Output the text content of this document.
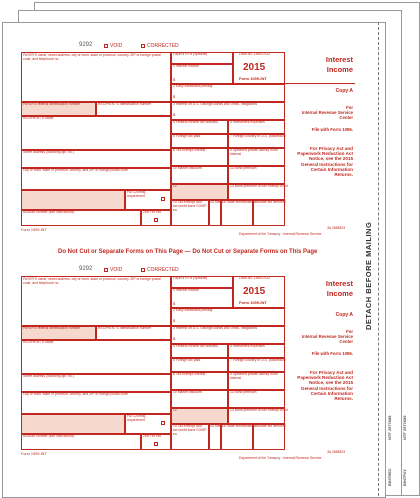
BINTPAY
BINTREC
NTF 2577689
NTF 2577688
DETACH BEFORE MAILING
Do Not Cut or Separate Forms on This Page — Do Not Cut or Separate Forms on This Page
9292	VOID	CORRECTED
PAYER'S name, street address, city or town, state or province, country, ZIP or foreign postal code, and telephone no.
PAYER'S federal identification number	RECIPIENT'S identification number
RECIPIENT'S name
Street address (including apt. no.)
City or town, state or province, country, and ZIP or foreign postal code
FATCA filing requirement
Account number (see instructions)	2nd TIN not.
Payer's RTN (optional)
1 Interest income
$
OMB No. 1545-0112
2015
Form 1099-INT
2 Early withdrawal penalty
$
3 Interest on U.S. Savings Bonds and Treas. obligations
$
4 Federal income tax withheld	5 Investment expenses
6 Foreign tax paid	7 Foreign country or U.S. possession
8 Tax-exempt interest	9 Specified private activity bond interest
10 Market discount	11 Bond premium
12	13 Bond premium on tax-exempt bond
14 Tax-exempt and tax credit bond CUSIP no.
15 State 16 State identification no.
17 State tax withheld
Interest
Income
Copy A
For
Internal Revenue Service Center
File with Form 1096.
For Privacy Act and Paperwork Reduction Act Notice, see the 2015 General Instructions for Certain Information Returns.
Form 1099-INT
Department of the Treasury - Internal Revenue Service
36-2558823
9292	VOID	CORRECTED
PAYER'S name, street address, city or town, state or province, country, ZIP or foreign postal code, and telephone no.
PAYER'S federal identification number	RECIPIENT'S identification number
RECIPIENT'S name
Street address (including apt. no.)
City or town, state or province, country, and ZIP or foreign postal code
FATCA filing requirement
Account number (see instructions)	2nd TIN not.
Payer's RTN (optional)
1 Interest income
$
OMB No. 1545-0112
2015
Form 1099-INT
2 Early withdrawal penalty
$
3 Interest on U.S. Savings Bonds and Treas. obligations
$
4 Federal income tax withheld	5 Investment expenses
6 Foreign tax paid	7 Foreign country or U.S. possession
8 Tax-exempt interest	9 Specified private activity bond interest
10 Market discount	11 Bond premium
12	13 Bond premium on tax-exempt bond
14 Tax-exempt and tax credit bond CUSIP no.
15 State 16 State identification no.
17 State tax withheld
Interest
Income
Copy A
For
Internal Revenue Service Center
File with Form 1096.
For Privacy Act and Paperwork Reduction Act Notice, see the 2015 General Instructions for Certain Information Returns.
Form 1099-INT
Department of the Treasury - Internal Revenue Service
36-2558823
